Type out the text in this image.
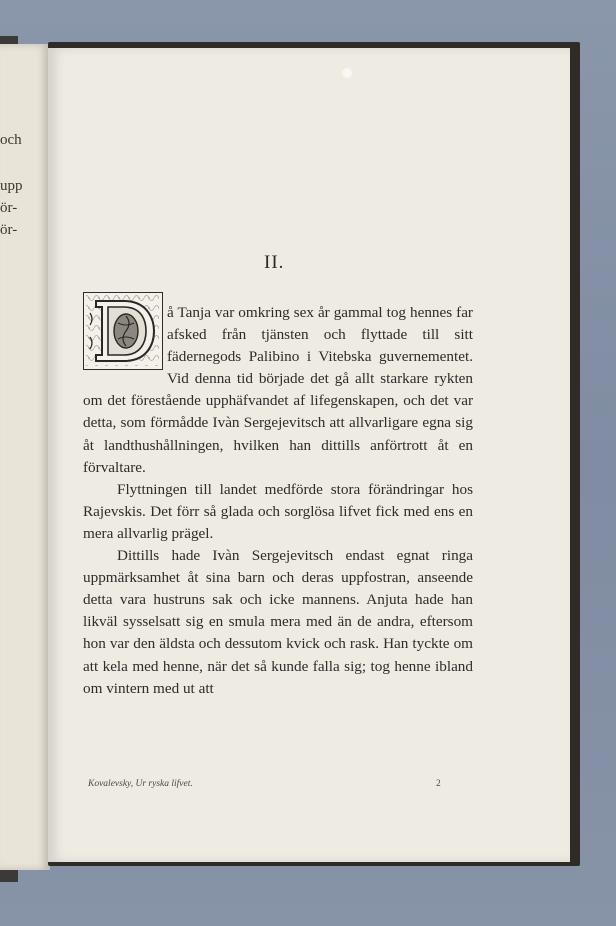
och
upp
ör-
ör-
II.

å Tanja var omkring sex år gammal tog hennes far afsked från tjänsten och flyttade till sitt fädernegods Palibino i Vitebska guvernementet. Vid denna tid började det gå allt starkare rykten om det förestående upphäfvandet af lifegenskapen, och det var detta, som förmådde Ivàn Sergejevitsch att allvarligare egna sig åt landthushållningen, hvilken han dittills anförtrott åt en förvaltare.

Flyttningen till landet medförde stora förändringar hos Rajevskis. Det förr så glada och sorglösa lifvet fick med ens en mera allvarlig prägel.

Dittills hade Ivàn Sergejevitsch endast egnat ringa uppmärksamhet åt sina barn och deras uppfostran, anseende detta vara hustruns sak och icke mannens. Anjuta hade han likväl sysselsatt sig en smula mera med än de andra, eftersom hon var den äldsta och dessutom kvick och rask. Han tyckte om att kela med henne, när det så kunde falla sig; tog henne ibland om vintern med ut att

Kovalevsky, Ur ryska lifvet.	2
